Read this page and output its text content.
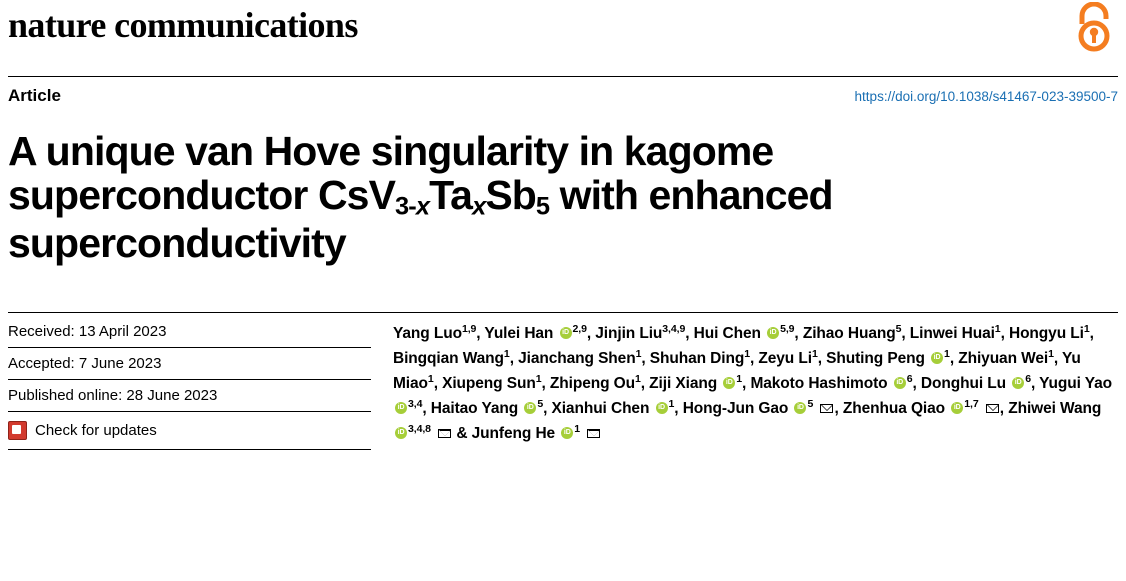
nature communications
Article	https://doi.org/10.1038/s41467-023-39500-7
A unique van Hove singularity in kagome
superconductor $CsV_{3-x}Ta_xSb_5$ with enhanced
superconductivity
Received: 13 April 2023
Accepted: 7 June 2023
Published online: 28 June 2023
Check for updates
Yang Luo$^{1,9}$, Yulei Han iD$^{2,9}$, Jinjin Liu$^{3,4,9}$, Hui Chen iD$^{5,9}$, Zihao Huang$^5$, Linwei Huai$^1$, Hongyu Li$^1$, Bingqian Wang$^1$, Jianchang Shen$^1$, Shuhan Ding$^1$, Zeyu Li$^1$, Shuting Peng $iD^1$, Zhiyuan Wei$^1$, Yu Miao$^1$, Xiupeng Sun$^1$, Zhipeng Ou$^1$, Ziji Xiang $iD^1$, Makoto Hashimoto $iD^6$, Donghui Lu $iD^6$, Yugui Yao iD$^{3,4}$, Haitao Yang $iD^5$, Xianhui Chen $iD^1$, Hong-Jun Gao $iD^5$ , Zhenhua Qiao iD$^{1,7}$ , Zhiwei Wang iD$^{3,4,8}$  & Junfeng He $iD^1$
